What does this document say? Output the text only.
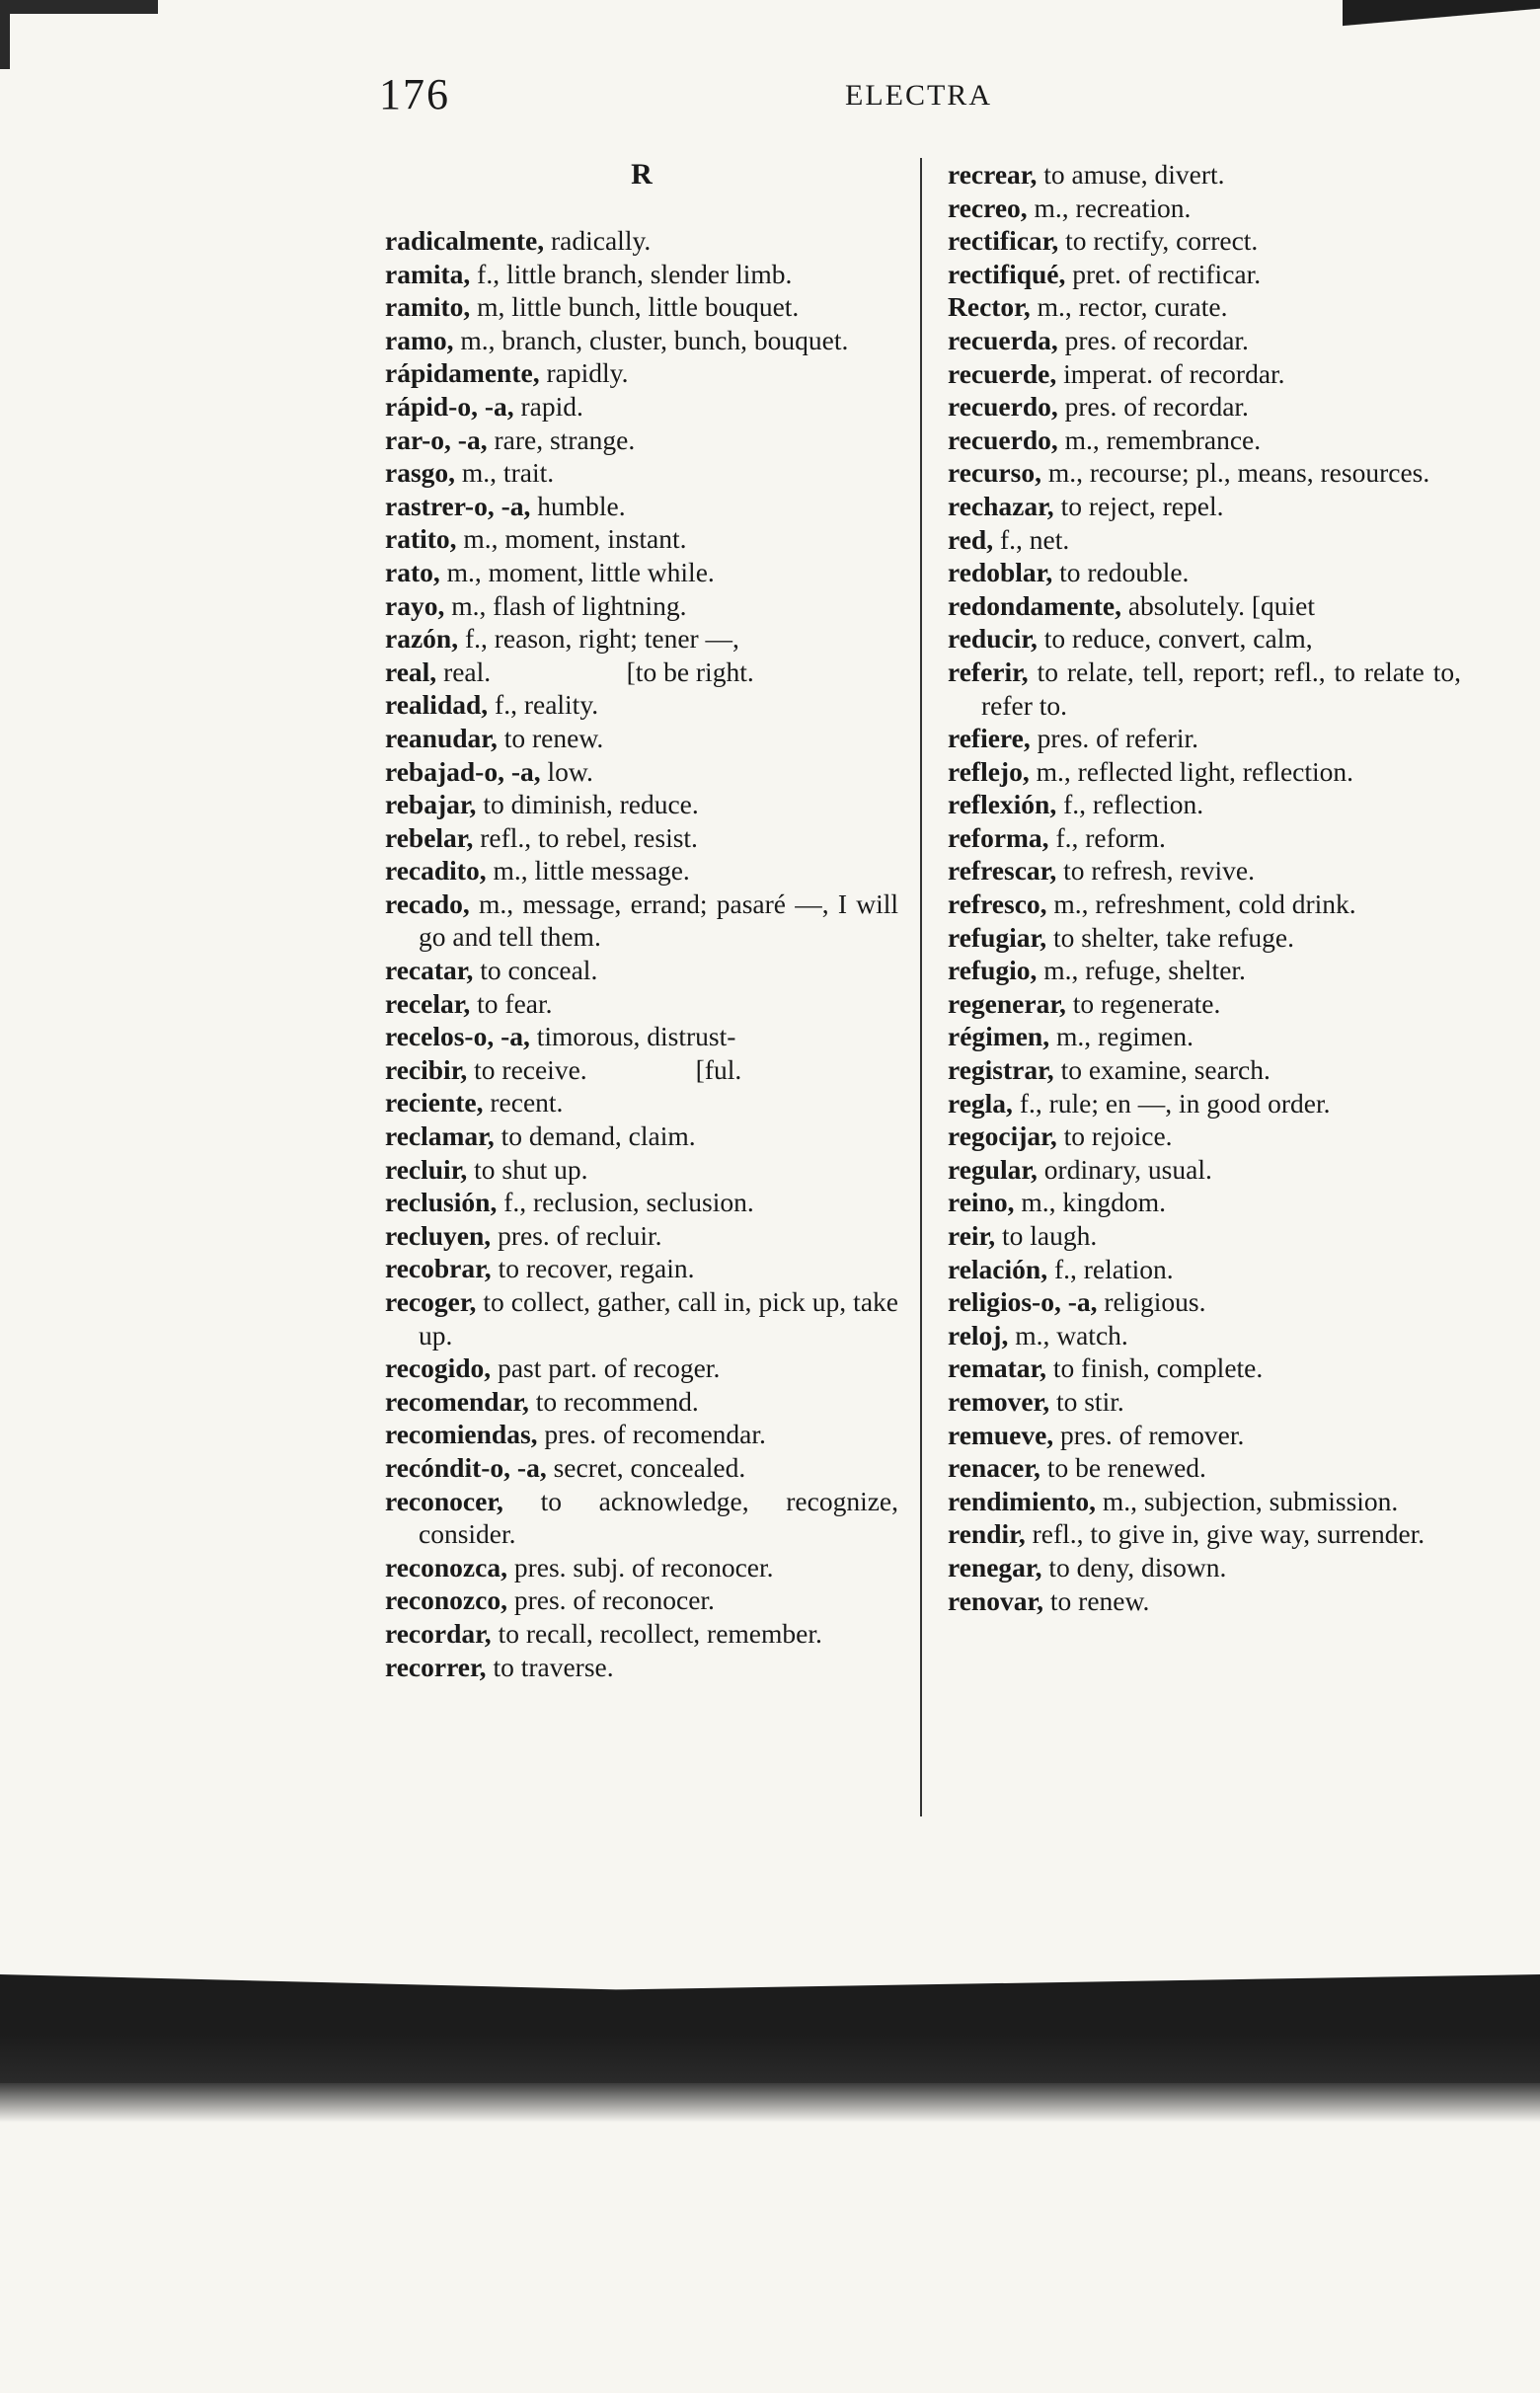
176	ELECTRA
R
radicalmente, radically.
ramita, f., little branch, slender limb.
ramito, m, little bunch, little bouquet.
ramo, m., branch, cluster, bunch, bouquet.
rápidamente, rapidly.
rápid-o, -a, rapid.
rar-o, -a, rare, strange.
rasgo, m., trait.
rastrer-o, -a, humble.
ratito, m., moment, instant.
rato, m., moment, little while.
rayo, m., flash of lightning.
razón, f., reason, right; tener —,
real, real.                    [to be right.
realidad, f., reality.
reanudar, to renew.
rebajad-o, -a, low.
rebajar, to diminish, reduce.
rebelar, refl., to rebel, resist.
recadito, m., little message.
recado, m., message, errand; pasaré —, I will go and tell them.
recatar, to conceal.
recelar, to fear.
recelos-o, -a, timorous, distrust-
recibir, to receive.                [ful.
reciente, recent.
reclamar, to demand, claim.
recluir, to shut up.
reclusión, f., reclusion, seclusion.
recluyen, pres. of recluir.
recobrar, to recover, regain.
recoger, to collect, gather, call in, pick up, take up.
recogido, past part. of recoger.
recomendar, to recommend.
recomiendas, pres. of recomendar.
recóndit-o, -a, secret, concealed.
reconocer, to acknowledge, recognize, consider.
reconozca, pres. subj. of reconocer.
reconozco, pres. of reconocer.
recordar, to recall, recollect, remember.
recorrer, to traverse.
recrear, to amuse, divert.
recreo, m., recreation.
rectificar, to rectify, correct.
rectifiqué, pret. of rectificar.
Rector, m., rector, curate.
recuerda, pres. of recordar.
recuerde, imperat. of recordar.
recuerdo, pres. of recordar.
recuerdo, m., remembrance.
recurso, m., recourse; pl., means, resources.
rechazar, to reject, repel.
red, f., net.
redoblar, to redouble.
redondamente, absolutely. [quiet
reducir, to reduce, convert, calm,
referir, to relate, tell, report; refl., to relate to, refer to.
refiere, pres. of referir.
reflejo, m., reflected light, reflection.
reflexión, f., reflection.
reforma, f., reform.
refrescar, to refresh, revive.
refresco, m., refreshment, cold drink.
refugiar, to shelter, take refuge.
refugio, m., refuge, shelter.
regenerar, to regenerate.
régimen, m., regimen.
registrar, to examine, search.
regla, f., rule; en —, in good order.
regocijar, to rejoice.
regular, ordinary, usual.
reino, m., kingdom.
reir, to laugh.
relación, f., relation.
religios-o, -a, religious.
reloj, m., watch.
rematar, to finish, complete.
remover, to stir.
remueve, pres. of remover.
renacer, to be renewed.
rendimiento, m., subjection, submission.
rendir, refl., to give in, give way, surrender.
renegar, to deny, disown.
renovar, to renew.
